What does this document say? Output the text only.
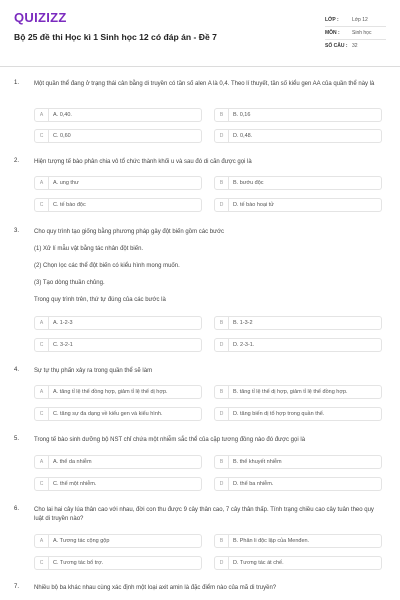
QUIZIZZ
Bộ 25 đề thi Học kì 1 Sinh học 12 có đáp án - Đề 7
LỚP :	Lớp 12
MÔN : Sinh học
SỐ CÂU : 32
1. Một quần thể đang ở trạng thái cân bằng di truyền có tần số alen A là 0,4. Theo lí thuyết, tần số kiểu gen AA của quần thể này là
A	A. 0,40.	B	B. 0,16
C	C. 0,60	D	D. 0,48.
2. Hiện tượng tế bào phân chia vô tổ chức thành khối u và sau đó di căn được gọi là
A	A. ung thư	B	B. bướu độc
C	C. tế bào độc	D	D. tế bào hoại tử
3. Cho quy trình tạo giống bằng phương pháp gây đột biến gồm các bước
(1) Xử lí mẫu vật bằng tác nhân đột biến.
(2) Chọn lọc các thể đột biến có kiểu hình mong muốn.
(3) Tạo dòng thuần chủng.
Trong quy trình trên, thứ tự đúng của các bước là
A	A. 1-2-3	B	B. 1-3-2
C	C. 3-2-1	D	D. 2-3-1.
4. Sự tự thụ phấn xảy ra trong quần thể sẽ làm
A	A. tăng tỉ lệ thể đồng hợp, giảm tỉ lệ thể dị hợp.	B	B. tăng tỉ lệ thể dị hợp, giảm tỉ lệ thể đồng hợp.
C	C. tăng sự đa dạng về kiểu gen và kiểu hình.	D	D. tăng biến dị tổ hợp trong quần thể.
5. Trong tế bào sinh dưỡng bộ NST chỉ chứa một nhiễm sắc thể của cặp tương đồng nào đó được gọi là
A	A. thể da nhiễm	B	B. thể khuyết nhiễm
C	C. thể một nhiễm.	D	D. thể ba nhiễm.
6. Cho lai hai cây lúa thân cao với nhau, đời con thu được 9 cây thân cao, 7 cây thân thấp. Tính trạng chiều cao cây tuân theo quy luật di truyền nào?
A	A. Tương tác cộng gộp	B	B. Phân li độc lập của Menđen.
C	C. Tương tác bổ trợ.	D	D. Tương tác át chế.
7. Nhiều bộ ba khác nhau cùng xác định một loại axit amin là đặc điểm nào của mã di truyền?
